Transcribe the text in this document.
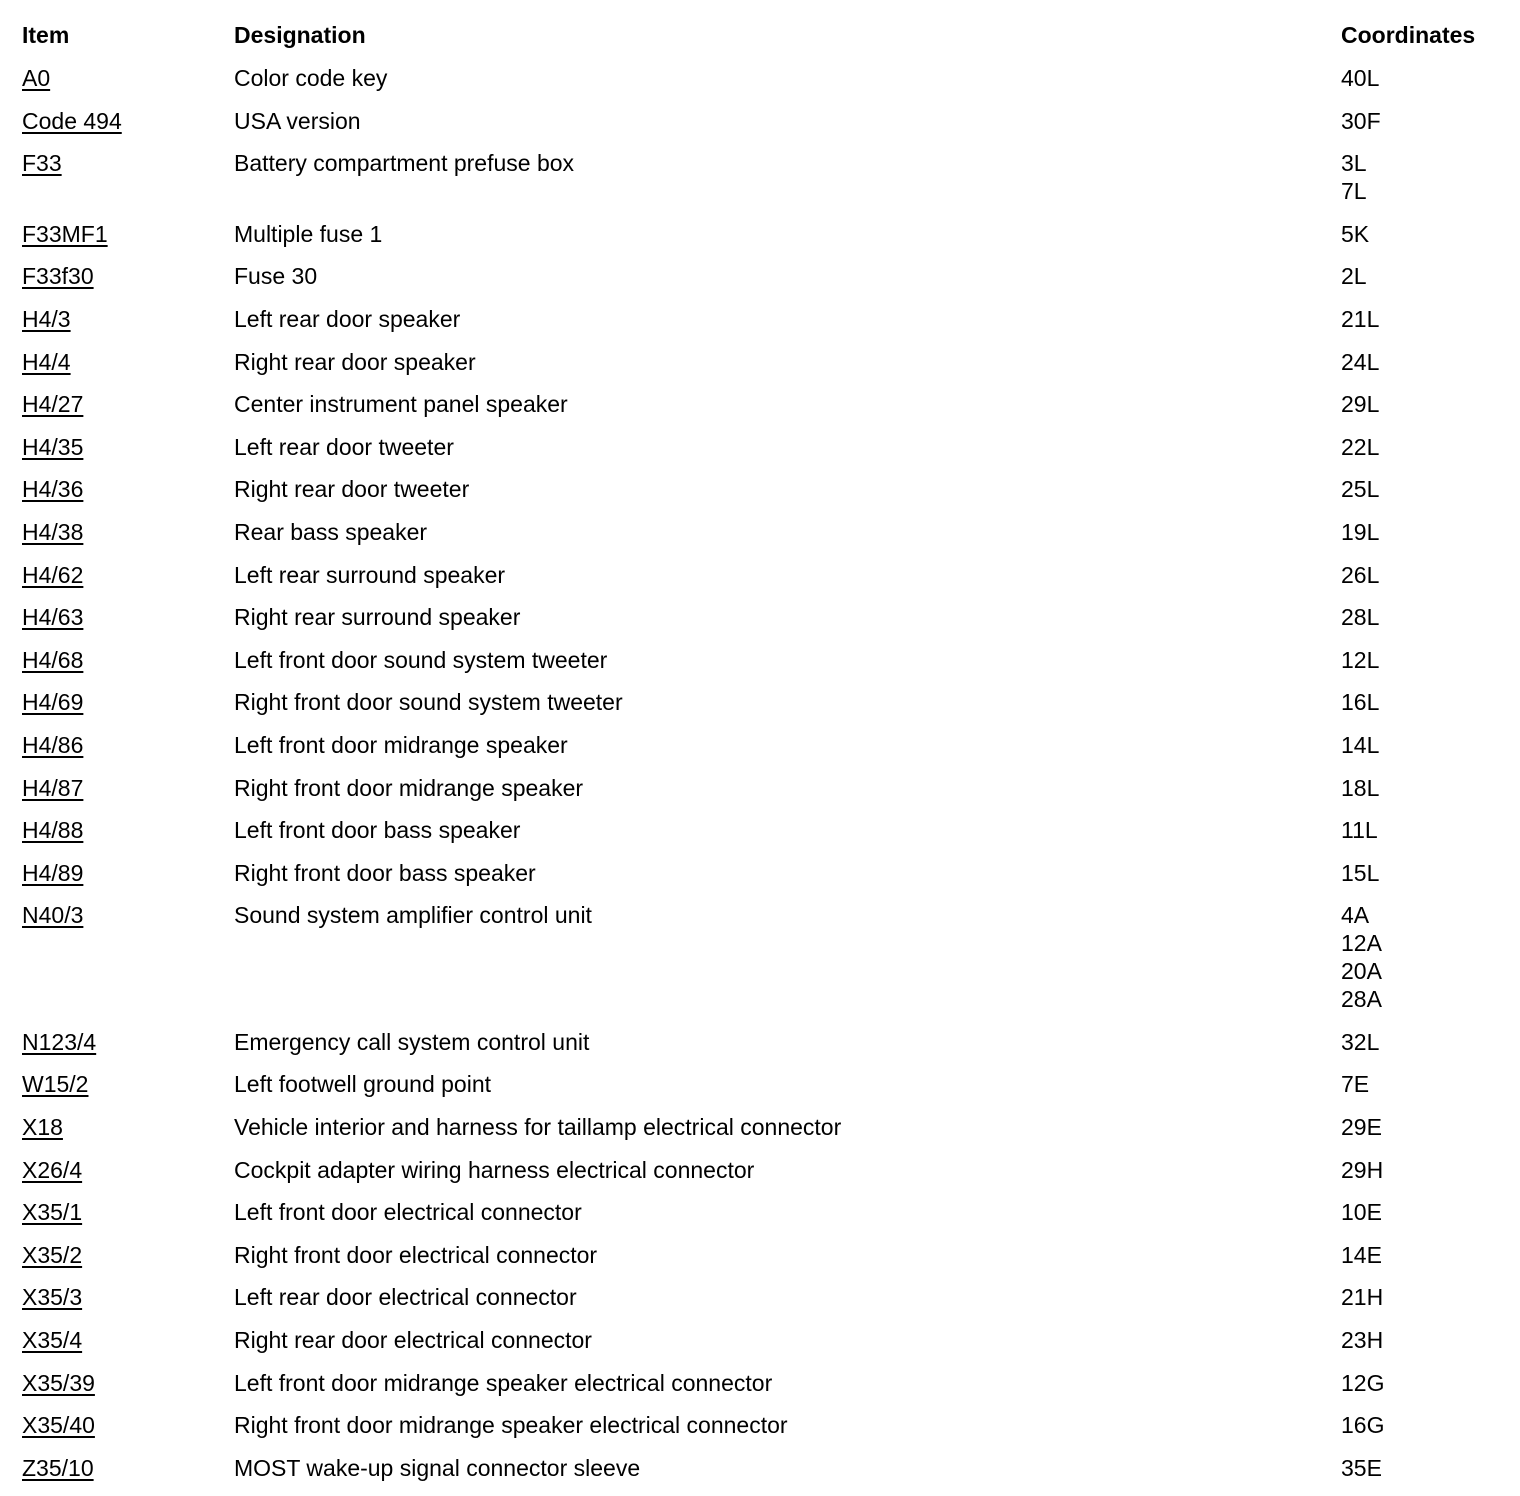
Item	Designation	Coordinates
A0	Color code key	40L
Code 494	USA version	30F
F33	Battery compartment prefuse box	3L
7L
F33MF1	Multiple fuse 1	5K
F33f30	Fuse 30	2L
H4/3	Left rear door speaker	21L
H4/4	Right rear door speaker	24L
H4/27	Center instrument panel speaker	29L
H4/35	Left rear door tweeter	22L
H4/36	Right rear door tweeter	25L
H4/38	Rear bass speaker	19L
H4/62	Left rear surround speaker	26L
H4/63	Right rear surround speaker	28L
H4/68	Left front door sound system tweeter	12L
H4/69	Right front door sound system tweeter	16L
H4/86	Left front door midrange speaker	14L
H4/87	Right front door midrange speaker	18L
H4/88	Left front door bass speaker	11L
H4/89	Right front door bass speaker	15L
N40/3	Sound system amplifier control unit	4A
12A
20A
28A
N123/4	Emergency call system control unit	32L
W15/2	Left footwell ground point	7E
X18	Vehicle interior and harness for taillamp electrical connector	29E
X26/4	Cockpit adapter wiring harness electrical connector	29H
X35/1	Left front door electrical connector	10E
X35/2	Right front door electrical connector	14E
X35/3	Left rear door electrical connector	21H
X35/4	Right rear door electrical connector	23H
X35/39	Left front door midrange speaker electrical connector	12G
X35/40	Right front door midrange speaker electrical connector	16G
Z35/10	MOST wake-up signal connector sleeve	35E
